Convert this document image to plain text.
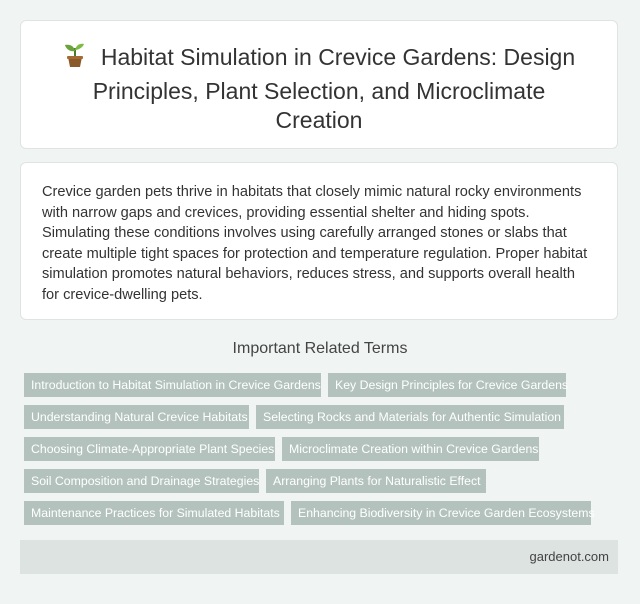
Habitat Simulation in Crevice Gardens: Design Principles, Plant Selection, and Microclimate Creation

Crevice garden pets thrive in habitats that closely mimic natural rocky environments with narrow gaps and crevices, providing essential shelter and hiding spots. Simulating these conditions involves using carefully arranged stones or slabs that create multiple tight spaces for protection and temperature regulation. Proper habitat simulation promotes natural behaviors, reduces stress, and supports overall health for crevice-dwelling pets.

Important Related Terms
Introduction to Habitat Simulation in Crevice Gardens	Key Design Principles for Crevice Gardens
Understanding Natural Crevice Habitats	Selecting Rocks and Materials for Authentic Simulation
Choosing Climate-Appropriate Plant Species	Microclimate Creation within Crevice Gardens
Soil Composition and Drainage Strategies	Arranging Plants for Naturalistic Effect
Maintenance Practices for Simulated Habitats	Enhancing Biodiversity in Crevice Garden Ecosystems
gardenot.com
